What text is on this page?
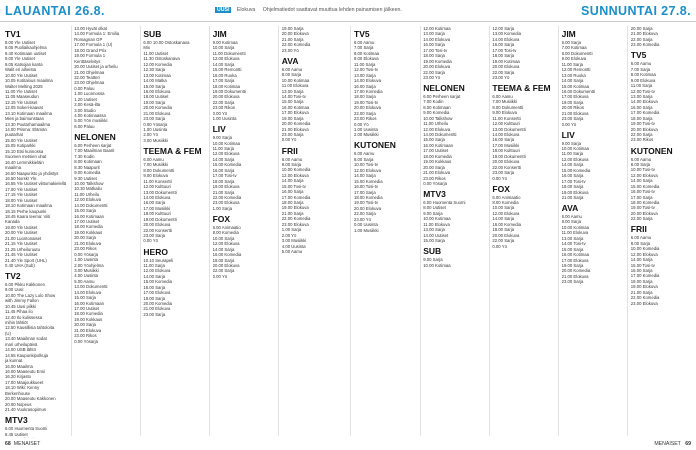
LAUANTAI 26.8.	UUSI Elokuva Ohjelmatiedot saattavat muuttua lehden painamisen jälkeen.	SUNNUNTAI 27.8.
TV1
8.00 Yle Uutiset
8.05 Puoliaikaohjelma
8.40 Kotimaan uutiset
9.00 Yle Uutiset
9.05 Katsojan kanta
Walit eri aiheista
10.00 Yle Uutiset
10.05 Kotitalous maailma
Walter Melting 2025
11.00 Yle Uutiset
11.05 Maaseudun
12.15 Yle Uutiset
12.05 Sokeri-kaavat
13.10 Kotimaan maailma
Mies ja baimunstaan
13.30 Puutarhamaailma
14.00 Prisma: Elämän
puutarhat
15.00 Yle Uutiset
15.05 Kotiparkki
15.10 Etsi kunnossa
Suomen metsien uhat
16.40 Lemmikkieläin
maailma
16.50 Naapuristo ja yhdistys
16.50 Norsk! Yle.
16.55 Yle Uutiset viittomakielellä
17.00 Yle Uutiset
17.15 Yle Uutiset
18.00 Yle Uutiset
18.10 Kotimaan maailma
18.15 Perhe kaupunki
18.45 Kaara teema: Viiti
Kanada
19.00 Yle Uutiset
20.00 Yle Uutiset
21.00 Luontonaiset
21.15 Yle Uutiset
21.25 Urheiluruutu
21.45 Yle Uutiset
21.40 Yle Sport (UHL)
0.40 UHA (Sub)
TV2
6.00 Pikku Kakkonen
9.00 Uusi:
10.00 The Lazy Lolo Show
with Jimmy Fallon
10.45 Uusi pilkki
11.45 Pihaa ilo
12.40 Ilo kulissessa
mihin lähtiöt
12.50 Kausillisia tahtoloita
(U)
13.40 Maailman sodat
mari urheilupäivä
14.00 USB lähtö
14.55 Kaupunkipolkuja
ja kunnat
16.00 Maailma
16.00 Maaseutu Ensi
16.20 Kirjasto
17.00 Maajoukkueet
18.10 Wiki: Kenny
Berkenhouse
20.00 Maaseutu Kakkonen
20.00 Nopeus
21.40 Vuokrasopimus
MTV3
6.00 Huomenta Suomi
8.45 Uutiset
13.00 Hyvät olkat
14.00 Formula 1: Emilia
Romagnan GP
17.00 Formula 1 (U)
18.00 Grand Prix
19.00 Formula 1
Kenttäselvitys
20.00 Uutiset ja urheilu
21.00 Ohjelmaa
22.00 Teatteri
23.00 Ohjelmaa
0.00 Paluu
1.00 Luonnossa
1.20 Uutiset
2.00 Kesä-ilta
3.00 Studio
4.00 Kotimaassa
5.00 Yön musiikki
6.00 Paluu
NELONEN
6.00 Perheen sarjat
7.00 Maailman Baarit
7.30 Kodin
8.00 Kotimaan
8.30 Naapurit
9.00 Komedia
9.30 Uutiset
10.00 Talkshow
10.30 Matkailu
11.00 Urheilu
12.00 Elokuva
14.00 Dokumentti
15.00 Sarja
16.00 Kotimaan
17.00 Uutiset
18.00 Komedia
19.00 Kokkaus
20.00 Sarja
21.00 Elokuva
23.00 Rikos
0.00 Yösarja
1.00 Uusinta
2.00 Yöohjelma
3.00 Musiikki
4.00 Uusinta
5.00 Aamu
13.00 Dokumentti
14.00 Elokuva
15.00 Sarja
16.00 Kotimaan
17.00 Uutiset
18.00 Komedia
19.00 Kokkaus
20.00 Sarja
21.00 Elokuva
23.00 Rikos
0.00 Yösarja
SUB
6.00 10.00 Ostoskanava
Mix
11.00 Uutiset
11.30 Ostoskanava
12.00 Komedia
12.30 Sarja
13.00 Kotimaa
14.00 Matka
15.00 Sarja
16.00 Elokuva
18.00 Uutiset
19.00 Sarja
20.00 Komedia
21.00 Elokuva
23.00 Sarja
0.00 Yösarja
1.00 Uusinta
2.00 Yö
3.00 Musiikki
TEEMA & FEM
6.00 Aamu
7.00 Musiikki
8.00 Dokumentti
9.00 Elokuva
11.00 Konsertti
12.00 Kulttuuri
13.00 Dokumentti
14.00 Elokuva
16.00 Sarja
17.00 Musiikki
18.00 Kulttuuri
19.00 Dokumentti
20.00 Elokuva
22.00 Konsertti
23.00 Sarja
0.00 Yö
HERO
10.10 Seurapeli
11.00 Sarja
12.00 Elokuva
14.00 Sarja
15.00 Komedia
16.00 Sarja
17.00 Elokuva
19.00 Sarja
20.00 Komedia
21.00 Elokuva
23.00 Sarja
JIM
9.00 Kotimaa
10.00 Sarja
11.00 Dokumentti
12.00 Elokuva
14.00 Sarja
15.00 Remontti
16.00 Ruoka
17.00 Sarja
18.00 Kotimaa
19.00 Dokumentti
20.00 Elokuva
22.00 Sarja
23.00 Rikos
0.00 Yö
1.00 Uusinta
LIV
9.00 Sarja
10.00 Kotimaa
11.00 Sarja
12.00 Elokuva
14.00 Sarja
15.00 Komedia
16.00 Sarja
17.00 Tosi-tv
18.00 Sarja
19.00 Elokuva
21.00 Sarja
22.00 Komedia
23.00 Elokuva
1.00 Sarja
FOX
6.00 Animaatio
8.00 Komedia
10.00 Sarja
12.00 Elokuva
14.00 Sarja
16.00 Komedia
18.00 Sarja
20.00 Elokuva
22.00 Sarja
0.00 Yö
19.00 Sarja
20.00 Elokuva
21.00 Sarja
22.00 Komedia
23.00 Yö
AVA
6.00 Aamu
8.00 Sarja
10.00 Kotimaa
11.00 Elokuva
13.00 Sarja
14.00 Tosi-tv
15.00 Sarja
16.00 Kotimaa
17.00 Elokuva
19.00 Sarja
20.00 Komedia
21.00 Elokuva
23.00 Sarja
0.00 Yö
FRII
6.00 Aamu
8.00 Sarja
10.00 Komedia
12.00 Elokuva
14.00 Sarja
15.00 Tosi-tv
16.00 Sarja
17.00 Komedia
18.00 Sarja
19.00 Elokuva
21.00 Sarja
22.00 Komedia
23.00 Elokuva
1.00 Sarja
2.00 Yö
3.00 Musiikki
4.00 Uusinta
5.00 Aamu
TV5
6.00 Aamu
7.00 Sarja
8.00 Kotimaa
9.00 Elokuva
11.00 Sarja
12.00 Tosi-tv
13.00 Sarja
14.00 Elokuva
16.00 Sarja
17.00 Komedia
18.00 Sarja
19.00 Tosi-tv
20.00 Elokuva
22.00 Sarja
23.00 Rikos
0.00 Yö
1.00 Uusinta
2.00 Musiikki
KUTONEN
6.00 Aamu
8.00 Sarja
10.00 Tosi-tv
12.00 Elokuva
14.00 Sarja
15.00 Komedia
16.00 Tosi-tv
17.00 Sarja
18.00 Komedia
19.00 Tosi-tv
20.00 Elokuva
22.00 Sarja
23.00 Yö
0.00 Uusinta
1.00 Musiikki
12.00 Kotimaa
13.00 Sarja
14.00 Elokuva
16.00 Sarja
17.00 Tosi-tv
18.00 Sarja
19.00 Komedia
20.00 Elokuva
22.00 Sarja
23.00 Yö
NELONEN
6.00 Perheen sarjat
7.00 Kodin
8.00 Kotimaan
9.00 Komedia
10.00 Talkshow
11.00 Urheilu
12.00 Elokuva
14.00 Dokumentti
15.00 Sarja
16.00 Kotimaan
17.00 Uutiset
18.00 Komedia
19.00 Kokkaus
20.00 Sarja
21.00 Elokuva
23.00 Rikos
0.00 Yösarja
MTV3
6.00 Huomenta Suomi
8.00 Uutiset
9.00 Sarja
10.00 Kotimaa
11.00 Elokuva
13.00 Sarja
14.00 Uutiset
15.00 Sarja
SUB
9.00 Sarja
10.00 Kotimaa
12.00 Sarja
13.00 Komedia
14.00 Elokuva
16.00 Sarja
17.00 Tosi-tv
18.00 Sarja
19.00 Kotimaa
20.00 Elokuva
22.00 Sarja
23.00 Yö
TEEMA & FEM
6.00 Aamu
7.00 Musiikki
8.00 Dokumentti
9.00 Elokuva
11.00 Konsertti
12.00 Kulttuuri
13.00 Dokumentti
14.00 Elokuva
16.00 Sarja
17.00 Musiikki
18.00 Kulttuuri
19.00 Dokumentti
20.00 Elokuva
22.00 Konsertti
23.00 Sarja
0.00 Yö
FOX
6.00 Animaatio
8.00 Komedia
10.00 Sarja
12.00 Elokuva
14.00 Sarja
16.00 Komedia
18.00 Sarja
20.00 Elokuva
22.00 Sarja
0.00 Yö
JIM
6.00 Sarja
7.00 Kotimaa
8.00 Dokumentti
9.00 Elokuva
11.00 Sarja
12.00 Remontti
13.00 Ruoka
14.00 Sarja
15.00 Kotimaa
16.00 Dokumentti
17.00 Elokuva
19.00 Sarja
20.00 Rikos
21.00 Elokuva
23.00 Sarja
0.00 Yö
LIV
9.00 Sarja
10.00 Kotimaa
11.00 Sarja
12.00 Elokuva
14.00 Sarja
15.00 Komedia
16.00 Sarja
17.00 Tosi-tv
18.00 Sarja
19.00 Elokuva
21.00 Sarja
AVA
6.00 Aamu
8.00 Sarja
10.00 Kotimaa
11.00 Elokuva
13.00 Sarja
14.00 Tosi-tv
15.00 Sarja
16.00 Kotimaa
17.00 Elokuva
19.00 Sarja
20.00 Komedia
21.00 Elokuva
23.00 Sarja
20.00 Sarja
21.00 Elokuva
22.00 Sarja
23.00 Komedia
TV5
6.00 Aamu
7.00 Sarja
8.00 Kotimaa
9.00 Elokuva
11.00 Sarja
12.00 Tosi-tv
13.00 Sarja
14.00 Elokuva
16.00 Sarja
17.00 Komedia
18.00 Sarja
19.00 Tosi-tv
20.00 Elokuva
22.00 Sarja
23.00 Rikos
KUTONEN
6.00 Aamu
8.00 Sarja
10.00 Tosi-tv
12.00 Elokuva
14.00 Sarja
15.00 Komedia
16.00 Tosi-tv
17.00 Sarja
18.00 Komedia
19.00 Tosi-tv
20.00 Elokuva
22.00 Sarja
FRII
6.00 Aamu
8.00 Sarja
10.00 Komedia
12.00 Elokuva
14.00 Sarja
15.00 Tosi-tv
16.00 Sarja
17.00 Komedia
18.00 Sarja
19.00 Elokuva
21.00 Sarja
22.00 Komedia
23.00 Elokuva
68 MENAISET	MENAISET 69
